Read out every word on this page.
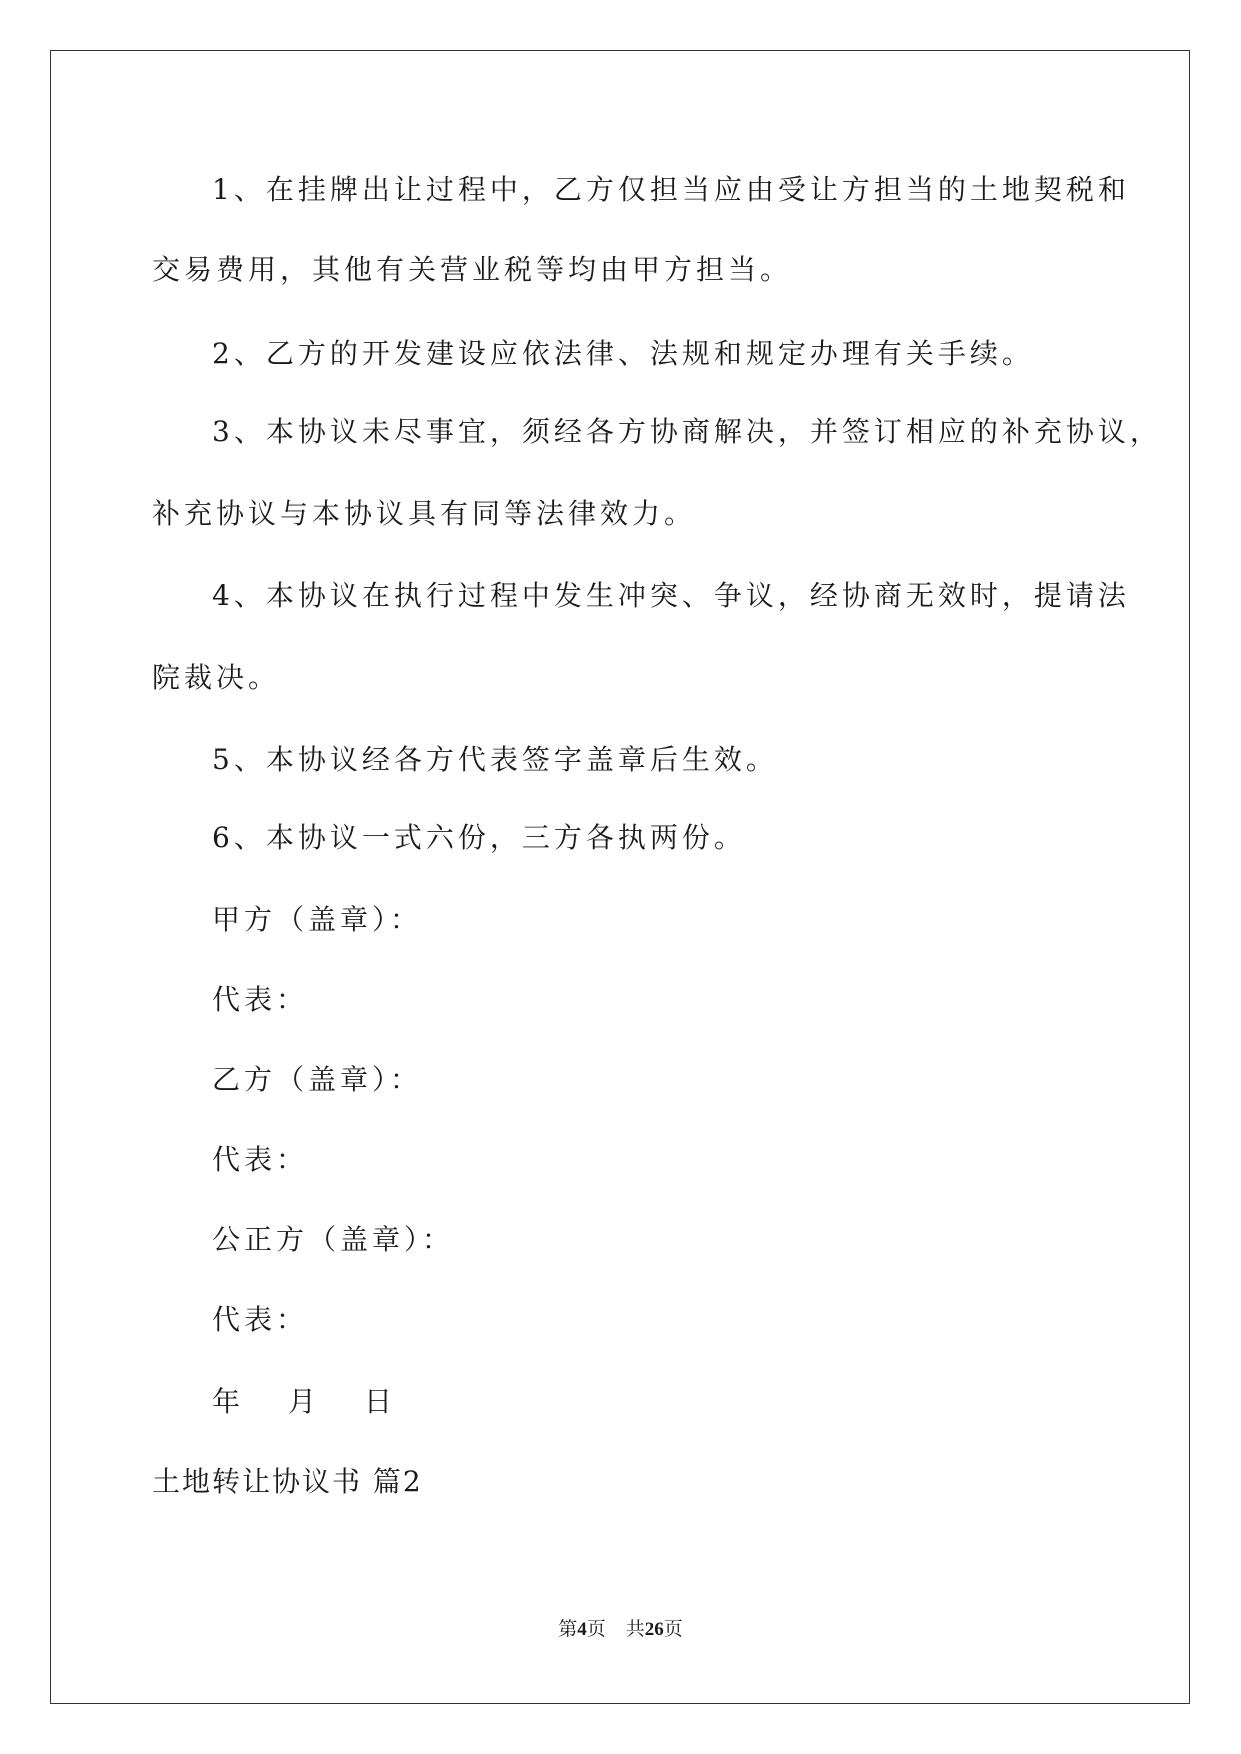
1、在挂牌出让过程中，乙方仅担当应由受让方担当的土地契税和
交易费用，其他有关营业税等均由甲方担当。
2、乙方的开发建设应依法律、法规和规定办理有关手续。
3、本协议未尽事宜，须经各方协商解决，并签订相应的补充协议，
补充协议与本协议具有同等法律效力。
4、本协议在执行过程中发生冲突、争议，经协商无效时，提请法
院裁决。
5、本协议经各方代表签字盖章后生效。
6、本协议一式六份，三方各执两份。
甲方（盖章）：
代表：
乙方（盖章）：
代表：
公正方（盖章）：
代表：
年　月　日
土地转让协议书 篇2
第4页 共26页
